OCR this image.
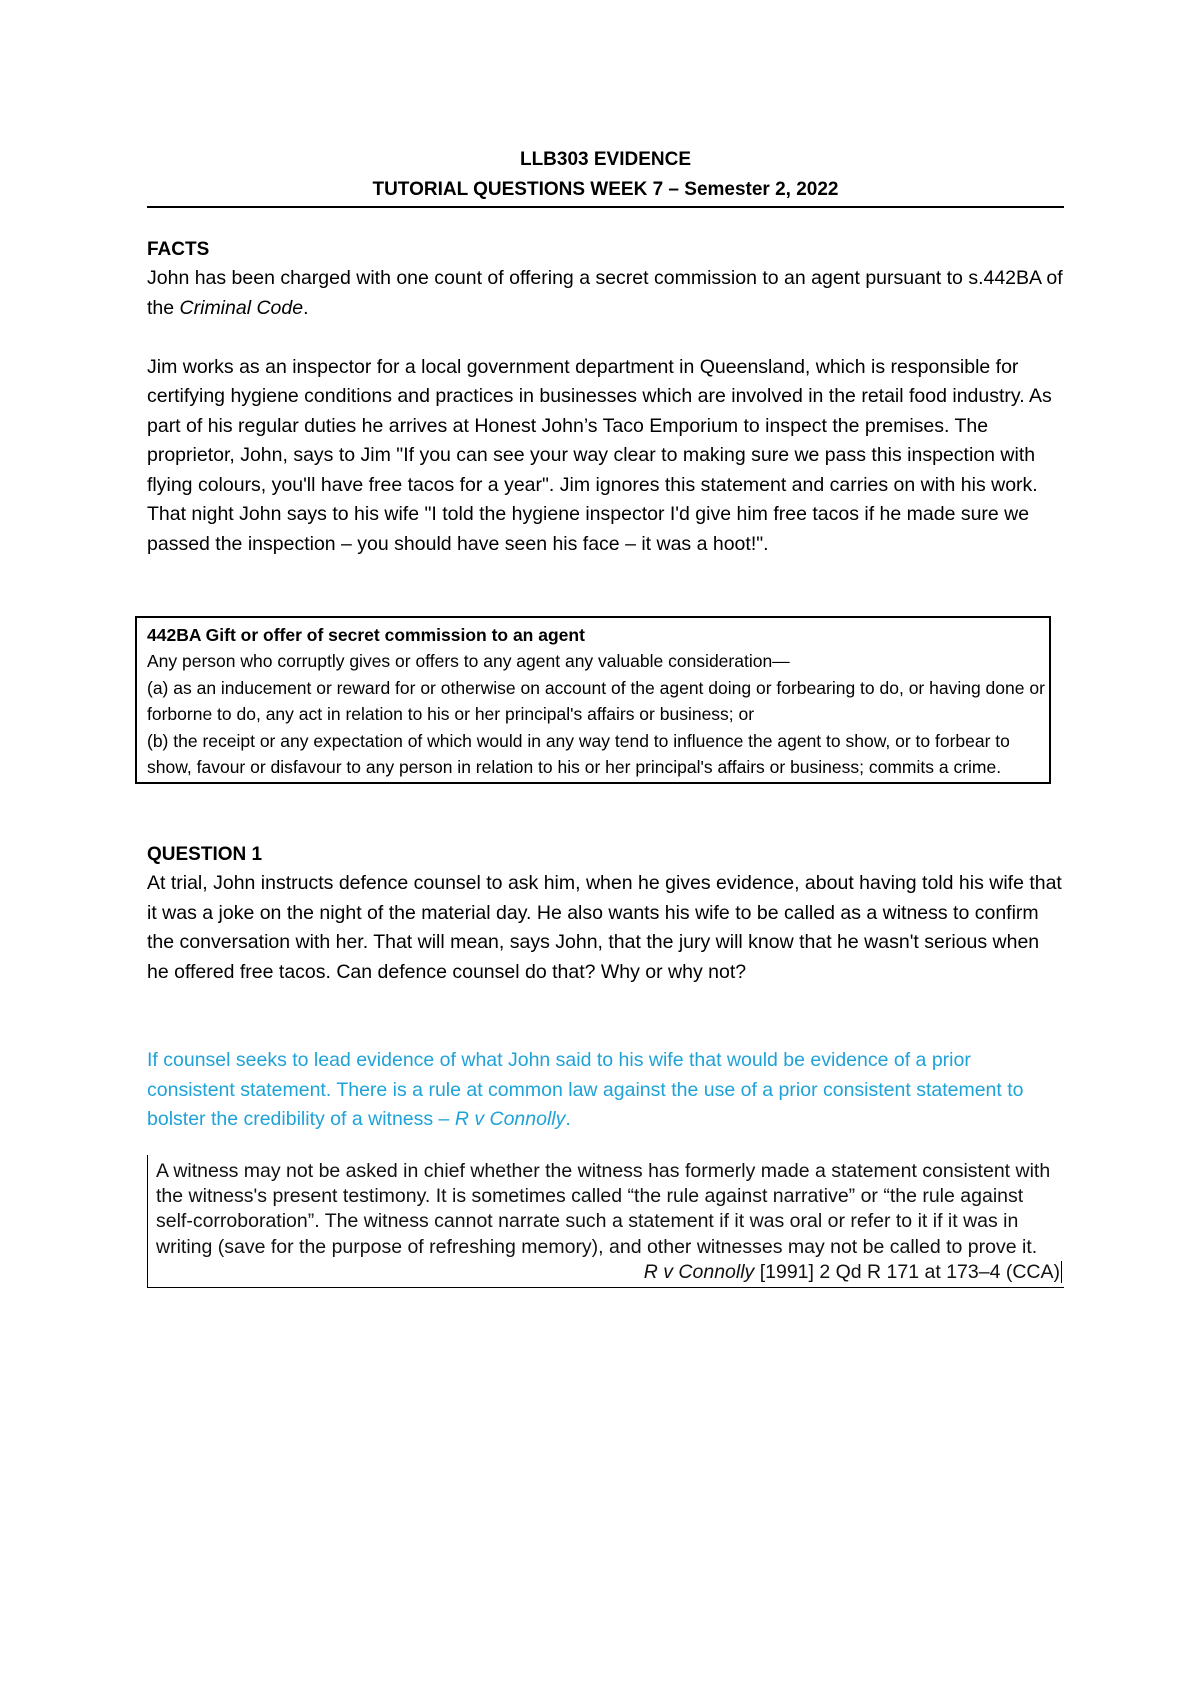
LLB303 EVIDENCE
TUTORIAL QUESTIONS WEEK 7 – Semester 2, 2022
FACTS

John has been charged with one count of offering a secret commission to an agent pursuant to s.442BA of the Criminal Code.

Jim works as an inspector for a local government department in Queensland, which is responsible for certifying hygiene conditions and practices in businesses which are involved in the retail food industry. As part of his regular duties he arrives at Honest John’s Taco Emporium to inspect the premises. The proprietor, John, says to Jim "If you can see your way clear to making sure we pass this inspection with flying colours, you'll have free tacos for a year". Jim ignores this statement and carries on with his work. That night John says to his wife "I told the hygiene inspector I'd give him free tacos if he made sure we passed the inspection – you should have seen his face – it was a hoot!".

442BA Gift or offer of secret commission to an agent
Any person who corruptly gives or offers to any agent any valuable consideration—
(a) as an inducement or reward for or otherwise on account of the agent doing or forbearing to do, or having done or forborne to do, any act in relation to his or her principal's affairs or business; or
(b) the receipt or any expectation of which would in any way tend to influence the agent to show, or to forbear to show, favour or disfavour to any person in relation to his or her principal's affairs or business; commits a crime.
QUESTION 1

At trial, John instructs defence counsel to ask him, when he gives evidence, about having told his wife that it was a joke on the night of the material day. He also wants his wife to be called as a witness to confirm the conversation with her. That will mean, says John, that the jury will know that he wasn't serious when he offered free tacos. Can defence counsel do that? Why or why not?

If counsel seeks to lead evidence of what John said to his wife that would be evidence of a prior consistent statement. There is a rule at common law against the use of a prior consistent statement to bolster the credibility of a witness – R v Connolly.

A witness may not be asked in chief whether the witness has formerly made a statement consistent with the witness's present testimony. It is sometimes called “the rule against narrative” or “the rule against self-corroboration”. The witness cannot narrate such a statement if it was oral or refer to it if it was in writing (save for the purpose of refreshing memory), and other witnesses may not be called to prove it.
R v Connolly [1991] 2 Qd R 171 at 173–4 (CCA)
